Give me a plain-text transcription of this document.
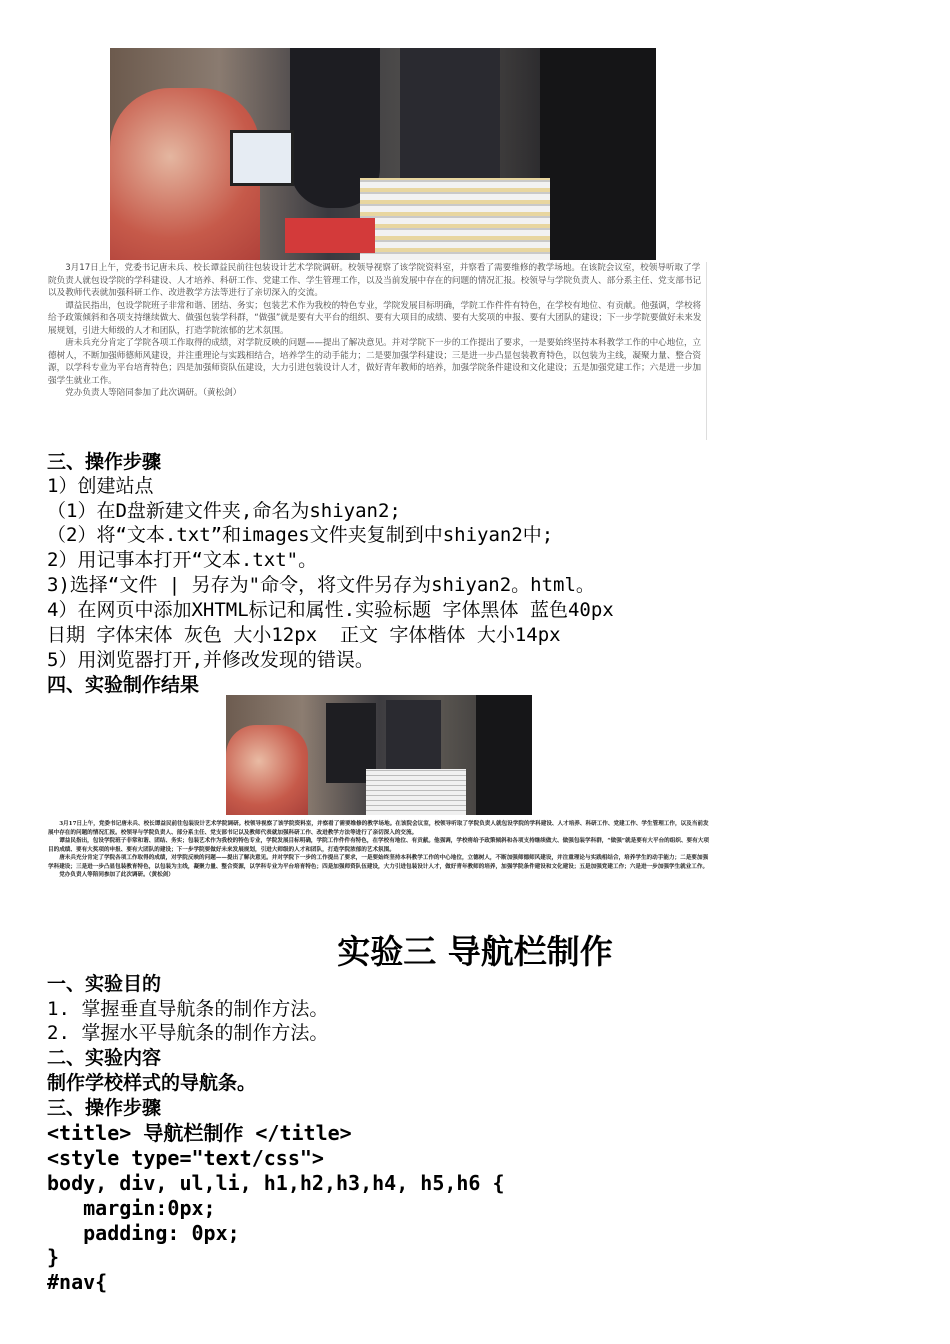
3月17日上午，党委书记唐未兵、校长谭益民前往包装设计艺术学院调研。校领导视察了该学院资料室，并察看了需要维修的教学场地。在该院会议室，校领导听取了学院负责人就包设学院的学科建设、人才培养、科研工作、党建工作、学生管理工作，以及当前发展中存在的问题的情况汇报。校领导与学院负责人、部分系主任、党支部书记以及教师代表就加强科研工作、改进教学方法等进行了亲切深入的交流。

谭益民指出，包设学院班子非常和谐、团结、务实；包装艺术作为我校的特色专业，学院发展目标明确，学院工作件件有特色，在学校有地位、有贡献。他强调，学校将给予政策倾斜和各项支持继续做大、做强包装学科群，“做强”就是要有大平台的组织、要有大项目的成绩、要有大奖项的申报、要有大团队的建设；下一步学院要做好未来发展规划，引进大师级的人才和团队，打造学院浓郁的艺术氛围。

唐未兵充分肯定了学院各项工作取得的成绩，对学院反映的问题——提出了解决意见。并对学院下一步的工作提出了要求，一是要始终坚持本科教学工作的中心地位，立德树人，不断加强师德师风建设，并注重理论与实践相结合，培养学生的动手能力；二是要加强学科建设；三是进一步凸显包装教育特色，以包装为主线，凝聚力量、整合资源，以学科专业为平台培育特色；四是加强师资队伍建设，大力引进包装设计人才，做好青年教师的培养，加强学院条件建设和文化建设；五是加强党建工作；六是进一步加强学生就业工作。

党办负责人等陪同参加了此次调研。（黄松剑）

三、操作步骤
1）创建站点
（1）在D盘新建文件夹,命名为shiyan2;
（2）将“文本.txt”和images文件夹复制到中shiyan2中;
2）用记事本打开“文本.txt"。
3)选择“文件 | 另存为"命令，将文件另存为shiyan2。html。
4）在网页中添加XHTML标记和属性.实验标题 字体黑体 蓝色40px
日期 字体宋体 灰色 大小12px  正文 字体楷体 大小14px
5）用浏览器打开,并修改发现的错误。
四、实验制作结果

3月17日上午，党委书记唐未兵、校长谭益民前往包装设计艺术学院调研。校领导视察了该学院资料室，并察看了需要维修的教学场地。在该院会议室，校领导听取了学院负责人就包设学院的学科建设、人才培养、科研工作、党建工作、学生管理工作，以及当前发展中存在的问题的情况汇报。校领导与学院负责人、部分系主任、党支部书记以及教师代表就加强科研工作、改进教学方法等进行了亲切深入的交流。

谭益民指出，包设学院班子非常和谐、团结、务实；包装艺术作为我校的特色专业，学院发展目标明确，学院工作件件有特色，在学校有地位、有贡献。他强调，学校将给予政策倾斜和各项支持继续做大、做强包装学科群，“做强”就是要有大平台的组织、要有大项目的成绩、要有大奖项的申报、要有大团队的建设；下一步学院要做好未来发展规划，引进大师级的人才和团队，打造学院浓郁的艺术氛围。

唐未兵充分肯定了学院各项工作取得的成绩，对学院反映的问题——提出了解决意见。并对学院下一步的工作提出了要求，一是要始终坚持本科教学工作的中心地位，立德树人，不断加强师德师风建设，并注重理论与实践相结合，培养学生的动手能力；二是要加强学科建设；三是进一步凸显包装教育特色，以包装为主线，凝聚力量、整合资源，以学科专业为平台培育特色；四是加强师资队伍建设，大力引进包装设计人才，做好青年教师的培养，加强学院条件建设和文化建设；五是加强党建工作；六是进一步加强学生就业工作。

党办负责人等陪同参加了此次调研。（黄松剑）

实验三 导航栏制作
一、实验目的
1. 掌握垂直导航条的制作方法。
2. 掌握水平导航条的制作方法。
二、实验内容
制作学校样式的导航条。
三、操作步骤
<title> 导航栏制作 </title>
<style type="text/css">
body, div, ul,li, h1,h2,h3,h4, h5,h6 {
margin:0px;
padding: 0px;
}
#nav{
